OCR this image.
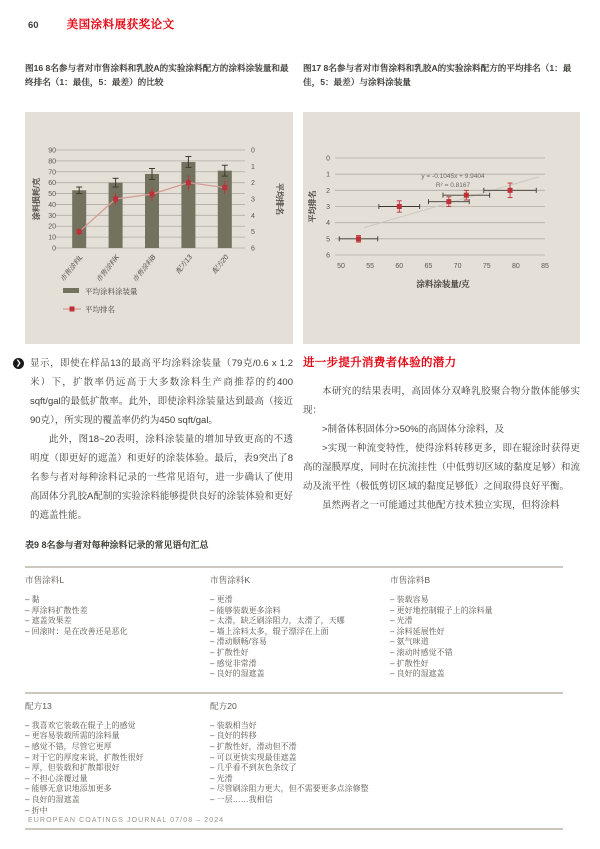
60 美国涂料展获奖论文
图16 8名参与者对市售涂料和乳胶A的实验涂料配方的涂料涂装量和最终排名（1：最佳，5：最差）的比较
图17 8名参与者对市售涂料和乳胶A的实验涂料配方的平均排名（1：最佳，5：最差）与涂料涂装量
90
80
70
60
50
40
30
20
10
0
0
1
2
3
4
5
6
市售涂料L 市售涂料K 市售涂料B 配方13 配方20
涂料损耗/克	平均排名
平均涂料涂装量
平均排名
0
1
2
3
4
5
6
50	55	60	65	70	75	80	85
y = -0.1045x + 9.9404
R² = 0.8167
涂料涂装量/克
平均排名

❯ 显示，即使在样品13的最高平均涂料涂装量（79克/0.6 x 1.2米）下，扩散率仍远高于大多数涂料生产商推荐的约400 sqft/gal的最低扩散率。此外，即使涂料涂装量达到最高（接近90克），所实现的覆盖率仍约为450 sqft/gal。

此外，图18~20表明，涂料涂装量的增加导致更高的不透明度（即更好的遮盖）和更好的涂装体验。最后，表9突出了8名参与者对每种涂料记录的一些常见语句，进一步确认了使用高固体分乳胶A配制的实验涂料能够提供良好的涂装体验和更好的遮盖性能。

进一步提升消费者体验的潜力

本研究的结果表明，高固体分双峰乳胶聚合物分散体能够实现：

>制备体积固体分>50%的高固体分涂料，及

>实现一种流变特性，使得涂料转移更多，即在辊涂时获得更高的湿膜厚度，同时在抗流挂性（中低剪切区域的黏度足够）和流动及流平性（极低剪切区域的黏度足够低）之间取得良好平衡。

虽然两者之一可能通过其他配方技术独立实现，但将涂料

表9 8名参与者对每种涂料记录的常见语句汇总
市售涂料L
– 黏
– 厚涂料扩散性差
– 遮盖效果差
– 回滚时：是在改善还是恶化
市售涂料K
– 更滑
– 能够装载更多涂料
– 太滑，缺乏刷涂阻力，太滑了，天哪
– 墙上涂料太多，辊子漂浮在上面
– 滑动顺畅/容易
– 扩散性好
– 感觉非常滑
– 良好的湿遮盖
市售涂料B
– 装载容易
– 更好地控制辊子上的涂料量
– 光滑
– 涂料延展性好
– 氨气味道
– 滚动时感觉不错
– 扩散性好
– 良好的湿遮盖
配方13
– 我喜欢它装载在辊子上的感觉
– 更容易装载所需的涂料量
– 感觉不错，尽管它更厚
– 对于它的厚度来说，扩散性很好
– 厚，但装载和扩散都很好
– 不担心涂覆过量
– 能够无意识地添加更多
– 良好的湿遮盖
– 折中
配方20
– 装载相当好
– 良好的转移
– 扩散性好，滑动但不滑
– 可以更快实现最佳遮盖
– 几乎看不到灰色条纹了
– 光滑
– 尽管刷涂阻力更大，但不需要更多点涂修整
– 一层……我相信
EUROPEAN COATINGS JOURNAL 07/08 – 2024
